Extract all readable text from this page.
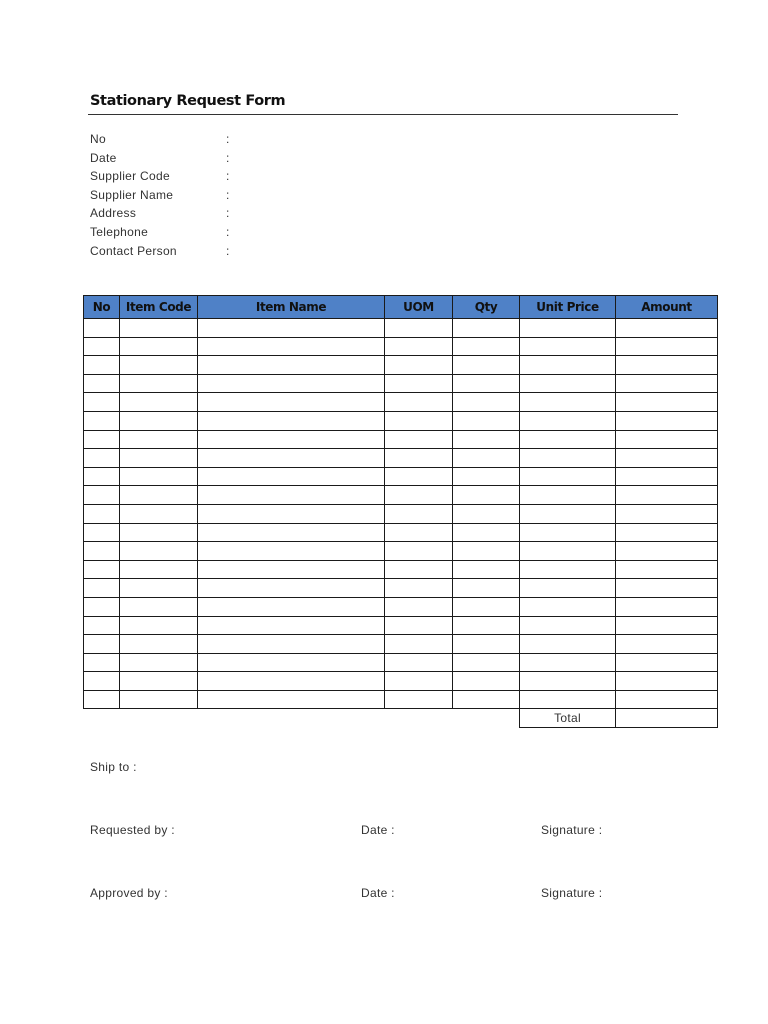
Stationary Request Form
No	:
Date	:
Supplier Code	:
Supplier Name	:
Address	:
Telephone	:
Contact Person	:
No	Item Code	Item Name	UOM	Qty	Unit Price	Amount

					Total	
Ship to :
Requested by :	Date :	Signature :
Approved by :	Date :	Signature :
